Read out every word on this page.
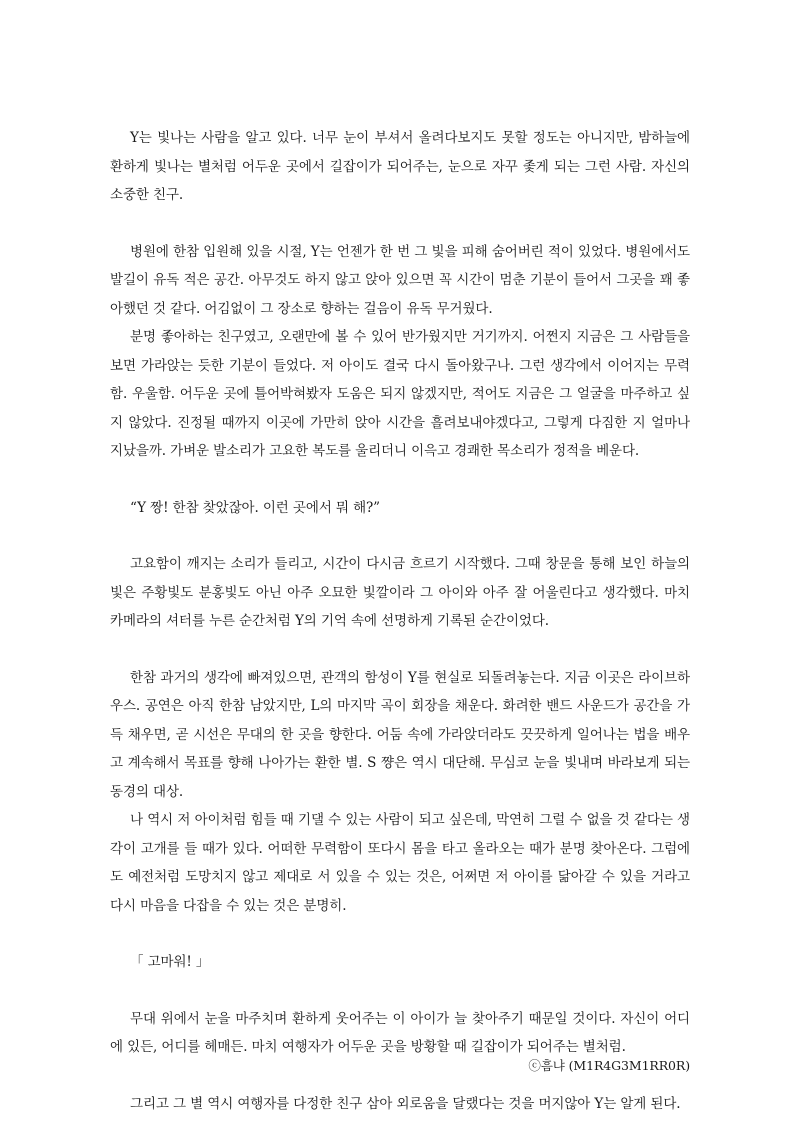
Y는 빛나는 사람을 알고 있다. 너무 눈이 부셔서 올려다보지도 못할 정도는 아니지만, 밤하늘에 환하게 빛나는 별처럼 어두운 곳에서 길잡이가 되어주는, 눈으로 자꾸 좇게 되는 그런 사람. 자신의 소중한 친구.

병원에 한참 입원해 있을 시절, Y는 언젠가 한 번 그 빛을 피해 숨어버린 적이 있었다. 병원에서도 발길이 유독 적은 공간. 아무것도 하지 않고 앉아 있으면 꼭 시간이 멈춘 기분이 들어서 그곳을 꽤 좋아했던 것 같다. 어김없이 그 장소로 향하는 걸음이 유독 무거웠다.

분명 좋아하는 친구였고, 오랜만에 볼 수 있어 반가웠지만 거기까지. 어쩐지 지금은 그 사람들을 보면 가라앉는 듯한 기분이 들었다. 저 아이도 결국 다시 돌아왔구나. 그런 생각에서 이어지는 무력함. 우울함. 어두운 곳에 틀어박혀봤자 도움은 되지 않겠지만, 적어도 지금은 그 얼굴을 마주하고 싶지 않았다. 진정될 때까지 이곳에 가만히 앉아 시간을 흘려보내야겠다고, 그렇게 다짐한 지 얼마나 지났을까. 가벼운 발소리가 고요한 복도를 울리더니 이윽고 경쾌한 목소리가 정적을 베운다.

“Y 짱! 한참 찾았잖아. 이런 곳에서 뭐 해?”

고요함이 깨지는 소리가 들리고, 시간이 다시금 흐르기 시작했다. 그때 창문을 통해 보인 하늘의 빛은 주황빛도 분홍빛도 아닌 아주 오묘한 빛깔이라 그 아이와 아주 잘 어울린다고 생각했다. 마치 카메라의 셔터를 누른 순간처럼 Y의 기억 속에 선명하게 기록된 순간이었다.

한참 과거의 생각에 빠져있으면, 관객의 함성이 Y를 현실로 되돌려놓는다. 지금 이곳은 라이브하우스. 공연은 아직 한참 남았지만, L의 마지막 곡이 회장을 채운다. 화려한 밴드 사운드가 공간을 가득 채우면, 곧 시선은 무대의 한 곳을 향한다. 어둠 속에 가라앉더라도 끗끗하게 일어나는 법을 배우고 계속해서 목표를 향해 나아가는 환한 별. S 쨩은 역시 대단해. 무심코 눈을 빛내며 바라보게 되는 동경의 대상.

나 역시 저 아이처럼 힘들 때 기댈 수 있는 사람이 되고 싶은데, 막연히 그럴 수 없을 것 같다는 생각이 고개를 들 때가 있다. 어떠한 무력함이 또다시 몸을 타고 올라오는 때가 분명 찾아온다. 그럼에도 예전처럼 도망치지 않고 제대로 서 있을 수 있는 것은, 어쩌면 저 아이를 닮아갈 수 있을 거라고 다시 마음을 다잡을 수 있는 것은 분명히.

「 고마워! 」

무대 위에서 눈을 마주치며 환하게 웃어주는 이 아이가 늘 찾아주기 때문일 것이다. 자신이 어디에 있든, 어디를 헤매든. 마치 여행자가 어두운 곳을 방황할 때 길잡이가 되어주는 별처럼.

그리고 그 별 역시 여행자를 다정한 친구 삼아 외로움을 달랬다는 것을 머지않아 Y는 알게 된다.

ⓒ흠냐 (M1R4G3M1RR0R)
